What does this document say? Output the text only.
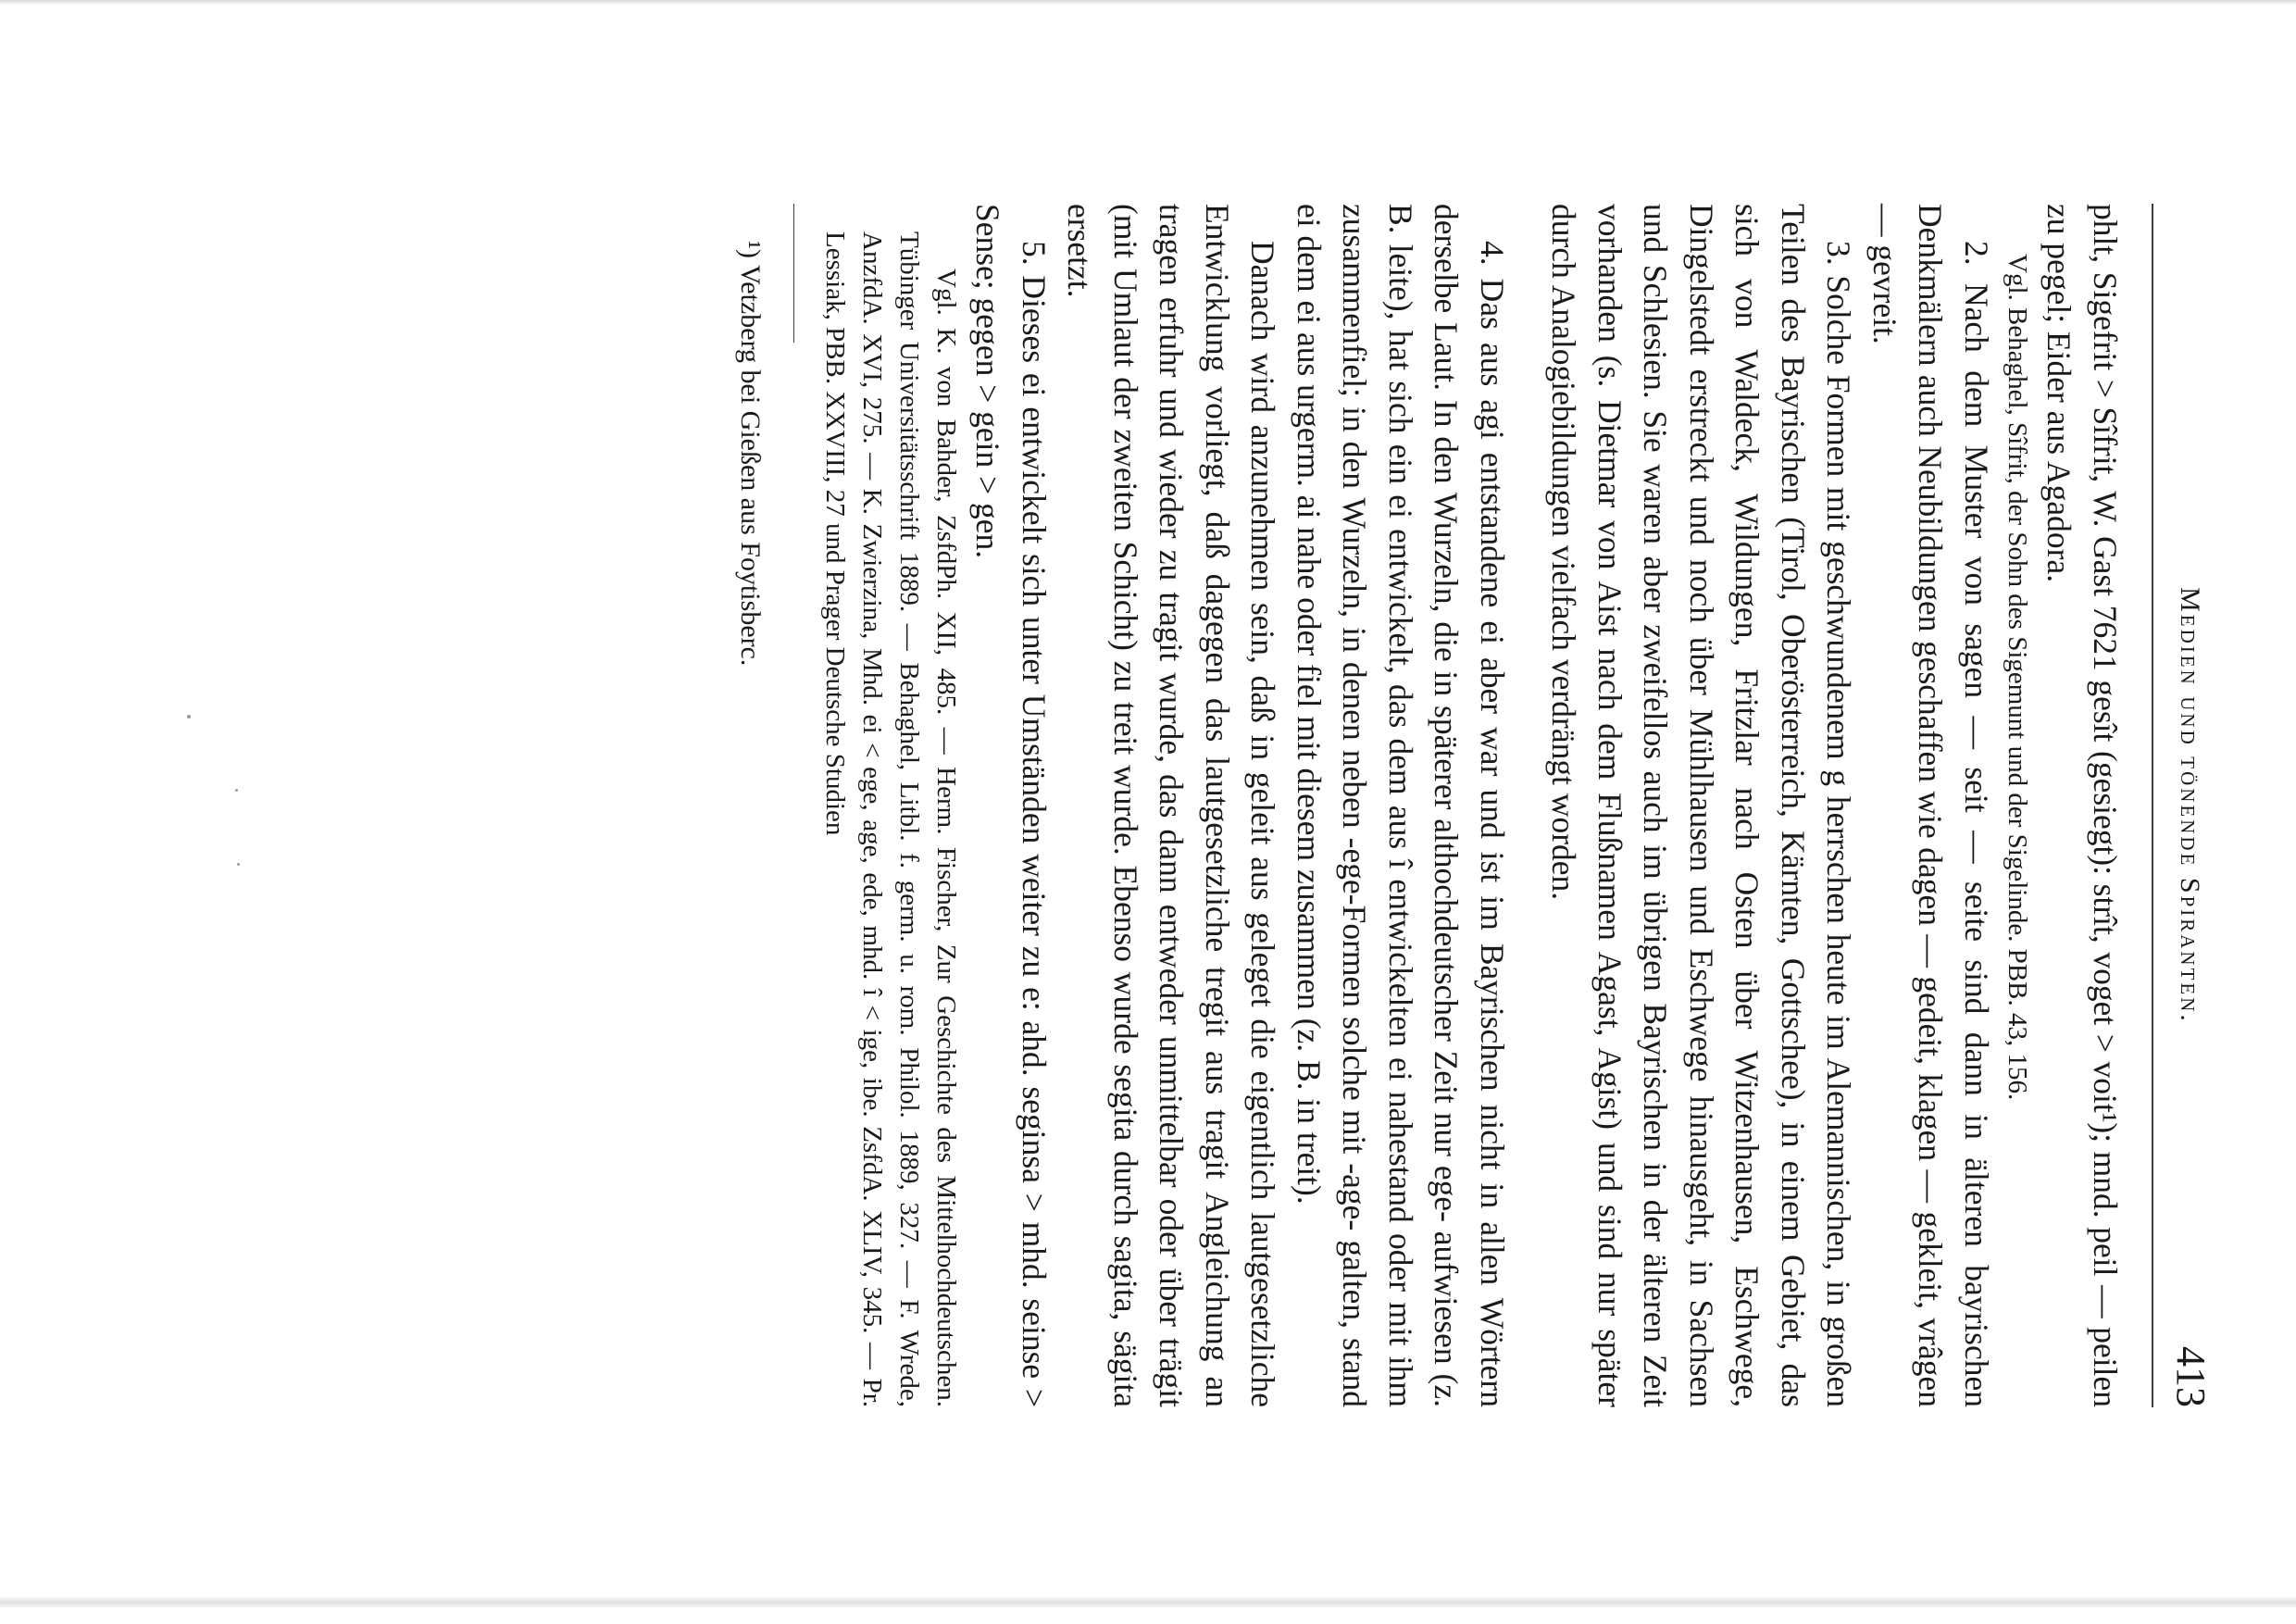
Medien und tönende Spiranten.
413

phlt, Sigefrit > Sîfrit, W. Gast 7621 gesît (gesiegt): strît, voget > voit¹); mnd. peil — peilen zu pegel; Eider aus Agadora.

Vgl. Behaghel, Sîfrit, der Sohn des Sigemunt und der Sigelinde. PBB. 43, 156.

2. Nach dem Muster von sagen — seit — seite sind dann in älteren bayrischen Denkmälern auch Neubildungen geschaffen wie dagen — gedeit, klagen — gekleit, vrâgen — gevreit.

3. Solche Formen mit geschwundenem g herrschen heute im Alemannischen, in großen Teilen des Bayrischen (Tirol, Oberösterreich, Kärnten, Gottschee), in einem Gebiet, das sich von Waldeck, Wildungen, Fritzlar nach Osten über Witzenhausen, Eschwege, Dingelstedt erstreckt und noch über Mühlhausen und Eschwege hinausgeht, in Sachsen und Schlesien. Sie waren aber zweifellos auch im übrigen Bayrischen in der älteren Zeit vorhanden (s. Dietmar von Aist nach dem Flußnamen Agast, Agist) und sind nur später durch Analogiebildungen vielfach verdrängt worden.

4. Das aus agi entstandene ei aber war und ist im Bayrischen nicht in allen Wörtern derselbe Laut. In den Wurzeln, die in späterer althochdeutscher Zeit nur ege- aufwiesen (z. B. leite), hat sich ein ei entwickelt, das dem aus î entwickelten ei nahestand oder mit ihm zusammenfiel; in den Wurzeln, in denen neben -ege-Formen solche mit -age- galten, stand ei dem ei aus urgerm. ai nahe oder fiel mit diesem zusammen (z. B. in treit).

Danach wird anzunehmen sein, daß in geleit aus geleget die eigentlich lautgesetzliche Entwicklung vorliegt, daß dagegen das lautgesetzliche tregit aus tragit Angleichung an tragen erfuhr und wieder zu tragit wurde, das dann entweder unmittelbar oder über trägit (mit Umlaut der zweiten Schicht) zu treit wurde. Ebenso wurde segita durch sagita, sägita ersetzt.

5. Dieses ei entwickelt sich unter Umständen weiter zu e: ahd. seginsa > mhd. seinse > Sense; gegen > gein > gen.

Vgl. K. von Bahder, ZsfdPh. XII, 485. — Herm. Fischer, Zur Geschichte des Mittelhochdeutschen. Tübinger Universitätsschrift 1889. — Behaghel, Litbl. f. germ. u. rom. Philol. 1889, 327. — F. Wrede, AnzfdA. XVI, 275. — K. Zwierzina, Mhd. ei < ege, age, ede, mhd. î < ige, ibe. ZsfdA. XLIV, 345. — Pr. Lessiak, PBB. XXVIII, 27 und Prager Deutsche Studien

¹) Vetzberg bei Gießen aus Foytisberc.
